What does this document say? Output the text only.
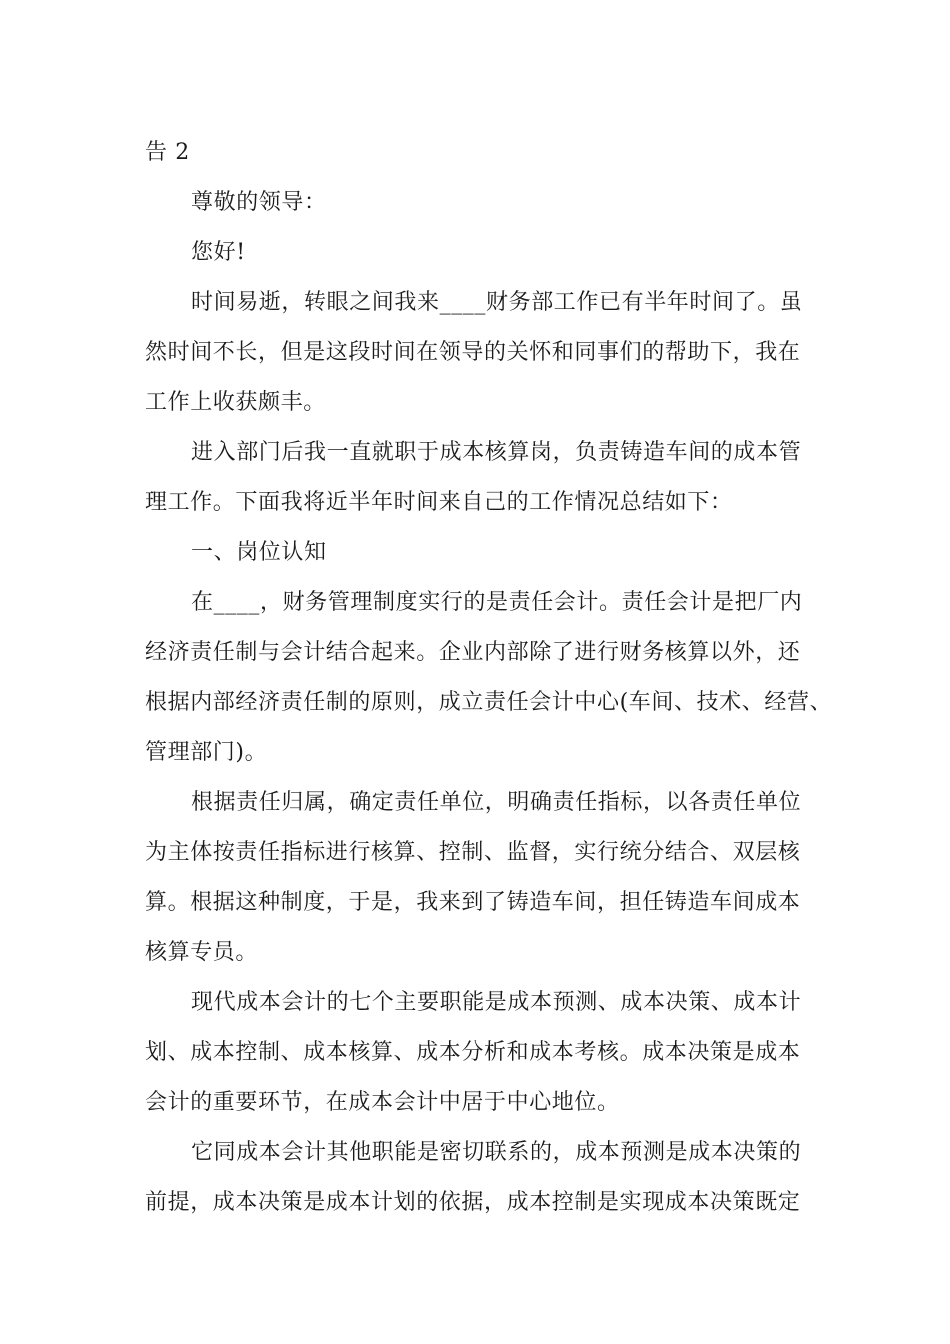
告 2

尊敬的领导：

您好!

时间易逝，转眼之间我来____财务部工作已有半年时间了。虽

然时间不长，但是这段时间在领导的关怀和同事们的帮助下，我在

工作上收获颇丰。

进入部门后我一直就职于成本核算岗，负责铸造车间的成本管

理工作。下面我将近半年时间来自己的工作情况总结如下：

一、岗位认知

在____，财务管理制度实行的是责任会计。责任会计是把厂内

经济责任制与会计结合起来。企业内部除了进行财务核算以外，还

根据内部经济责任制的原则，成立责任会计中心(车间、技术、经营、

管理部门)。

根据责任归属，确定责任单位，明确责任指标，以各责任单位

为主体按责任指标进行核算、控制、监督，实行统分结合、双层核

算。根据这种制度，于是，我来到了铸造车间，担任铸造车间成本

核算专员。

现代成本会计的七个主要职能是成本预测、成本决策、成本计

划、成本控制、成本核算、成本分析和成本考核。成本决策是成本

会计的重要环节，在成本会计中居于中心地位。

它同成本会计其他职能是密切联系的，成本预测是成本决策的

前提，成本决策是成本计划的依据，成本控制是实现成本决策既定
